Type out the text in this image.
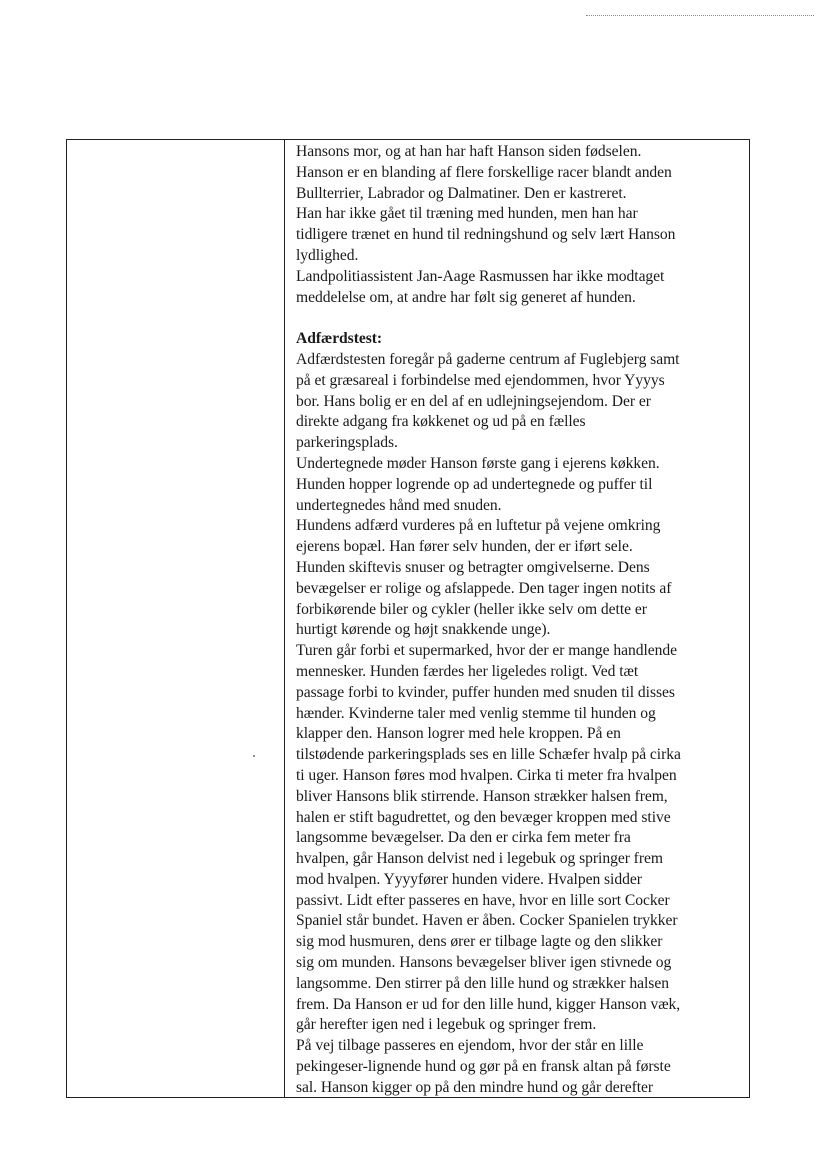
Hansons mor, og at han har haft Hanson siden fødselen.
Hanson er en blanding af flere forskellige racer blandt anden
Bullterrier, Labrador og Dalmatiner. Den er kastreret.
Han har ikke gået til træning med hunden, men han har
tidligere trænet en hund til redningshund og selv lært Hanson
lydlighed.
Landpolitiassistent Jan-Aage Rasmussen har ikke modtaget
meddelelse om, at andre har følt sig generet af hunden.
Adfærdstest:
Adfærdstesten foregår på gaderne centrum af Fuglebjerg samt
på et græsareal i forbindelse med ejendommen, hvor Yyyys
bor. Hans bolig er en del af en udlejningsejendom. Der er
direkte adgang fra køkkenet og ud på en fælles
parkeringsplads.
Undertegnede møder Hanson første gang i ejerens køkken.
Hunden hopper logrende op ad undertegnede og puffer til
undertegnedes hånd med snuden.
Hundens adfærd vurderes på en luftetur på vejene omkring
ejerens bopæl. Han fører selv hunden, der er iført sele.
Hunden skiftevis snuser og betragter omgivelserne. Dens
bevægelser er rolige og afslappede. Den tager ingen notits af
forbikørende biler og cykler (heller ikke selv om dette er
hurtigt kørende og højt snakkende unge).
Turen går forbi et supermarked, hvor der er mange handlende
mennesker. Hunden færdes her ligeledes roligt. Ved tæt
passage forbi to kvinder, puffer hunden med snuden til disses
hænder. Kvinderne taler med venlig stemme til hunden og
klapper den. Hanson logrer med hele kroppen. På en
tilstødende parkeringsplads ses en lille Schæfer hvalp på cirka
ti uger. Hanson føres mod hvalpen. Cirka ti meter fra hvalpen
bliver Hansons blik stirrende. Hanson strækker halsen frem,
halen er stift bagudrettet, og den bevæger kroppen med stive
langsomme bevægelser. Da den er cirka fem meter fra
hvalpen, går Hanson delvist ned i legebuk og springer frem
mod hvalpen. Yyyyfører hunden videre. Hvalpen sidder
passivt. Lidt efter passeres en have, hvor en lille sort Cocker
Spaniel står bundet. Haven er åben. Cocker Spanielen trykker
sig mod husmuren, dens ører er tilbage lagte og den slikker
sig om munden. Hansons bevægelser bliver igen stivnede og
langsomme. Den stirrer på den lille hund og strækker halsen
frem. Da Hanson er ud for den lille hund, kigger Hanson væk,
går herefter igen ned i legebuk og springer frem.
På vej tilbage passeres en ejendom, hvor der står en lille
pekingeser-lignende hund og gør på en fransk altan på første
sal. Hanson kigger op på den mindre hund og går derefter
